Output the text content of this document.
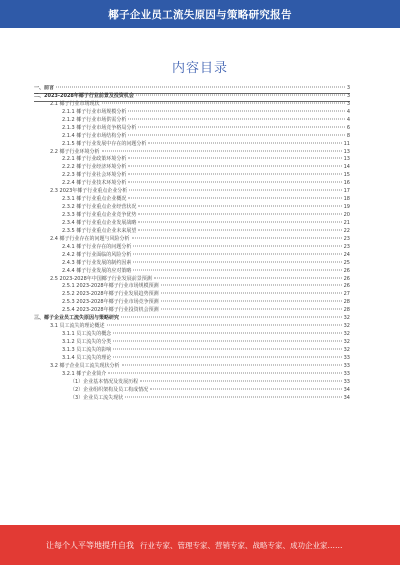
椰子企业员工流失原因与策略研究报告
内容目录
一、前言	3
二、2023-2028年椰子行业前景及投资机会	3
2.1 椰子行业市场现状	3
2.1.1 椰子行业市场规模分析	4
2.1.2 椰子行业市场供需分析	4
2.1.3 椰子行业市场竞争格局分析	6
2.1.4 椰子行业市场结构分析	8
2.1.5 椰子行业发展中存在的问题分析	11
2.2 椰子行业环境分析	13
2.2.1 椰子行业政策环境分析	13
2.2.2 椰子行业经济环境分析	14
2.2.3 椰子行业社会环境分析	15
2.2.4 椰子行业技术环境分析	16
2.3 2023年椰子行业重点企业分析	17
2.3.1 椰子行业重点企业概况	18
2.3.2 椰子行业重点企业经营状况	19
2.3.3 椰子行业重点企业竞争优势	20
2.3.4 椰子行业重点企业发展战略	21
2.3.5 椰子行业重点企业未来展望	22
2.4 椰子行业存在的问题与风险分析	23
2.4.1 椰子行业存在的问题分析	23
2.4.2 椰子行业面临的风险分析	24
2.4.3 椰子行业发展的制约因素	25
2.4.4 椰子行业发展的应对策略	26
2.5 2023-2028年中国椰子行业发展前景预测	26
2.5.1 2023-2028年椰子行业市场规模预测	26
2.5.2 2023-2028年椰子行业发展趋势预测	27
2.5.3 2023-2028年椰子行业市场竞争预测	28
2.5.4 2023-2028年椰子行业投资机会预测	28
三、椰子企业员工流失原因与策略研究	32
3.1 员工流失的理论概述	32
3.1.1 员工流失的概念	32
3.1.2 员工流失的分类	32
3.1.3 员工流失的影响	32
3.1.4 员工流失的理论	33
3.2 椰子企业员工流失现状分析	33
3.2.1 椰子企业简介	33
（1）企业基本情况及发展历程	33
（2）企业组织架构及员工构成情况	34
（3）企业员工流失现状	34
让每个人平等地提升自我 行业专家、管理专家、营销专家、战略专家、成功企业家……
